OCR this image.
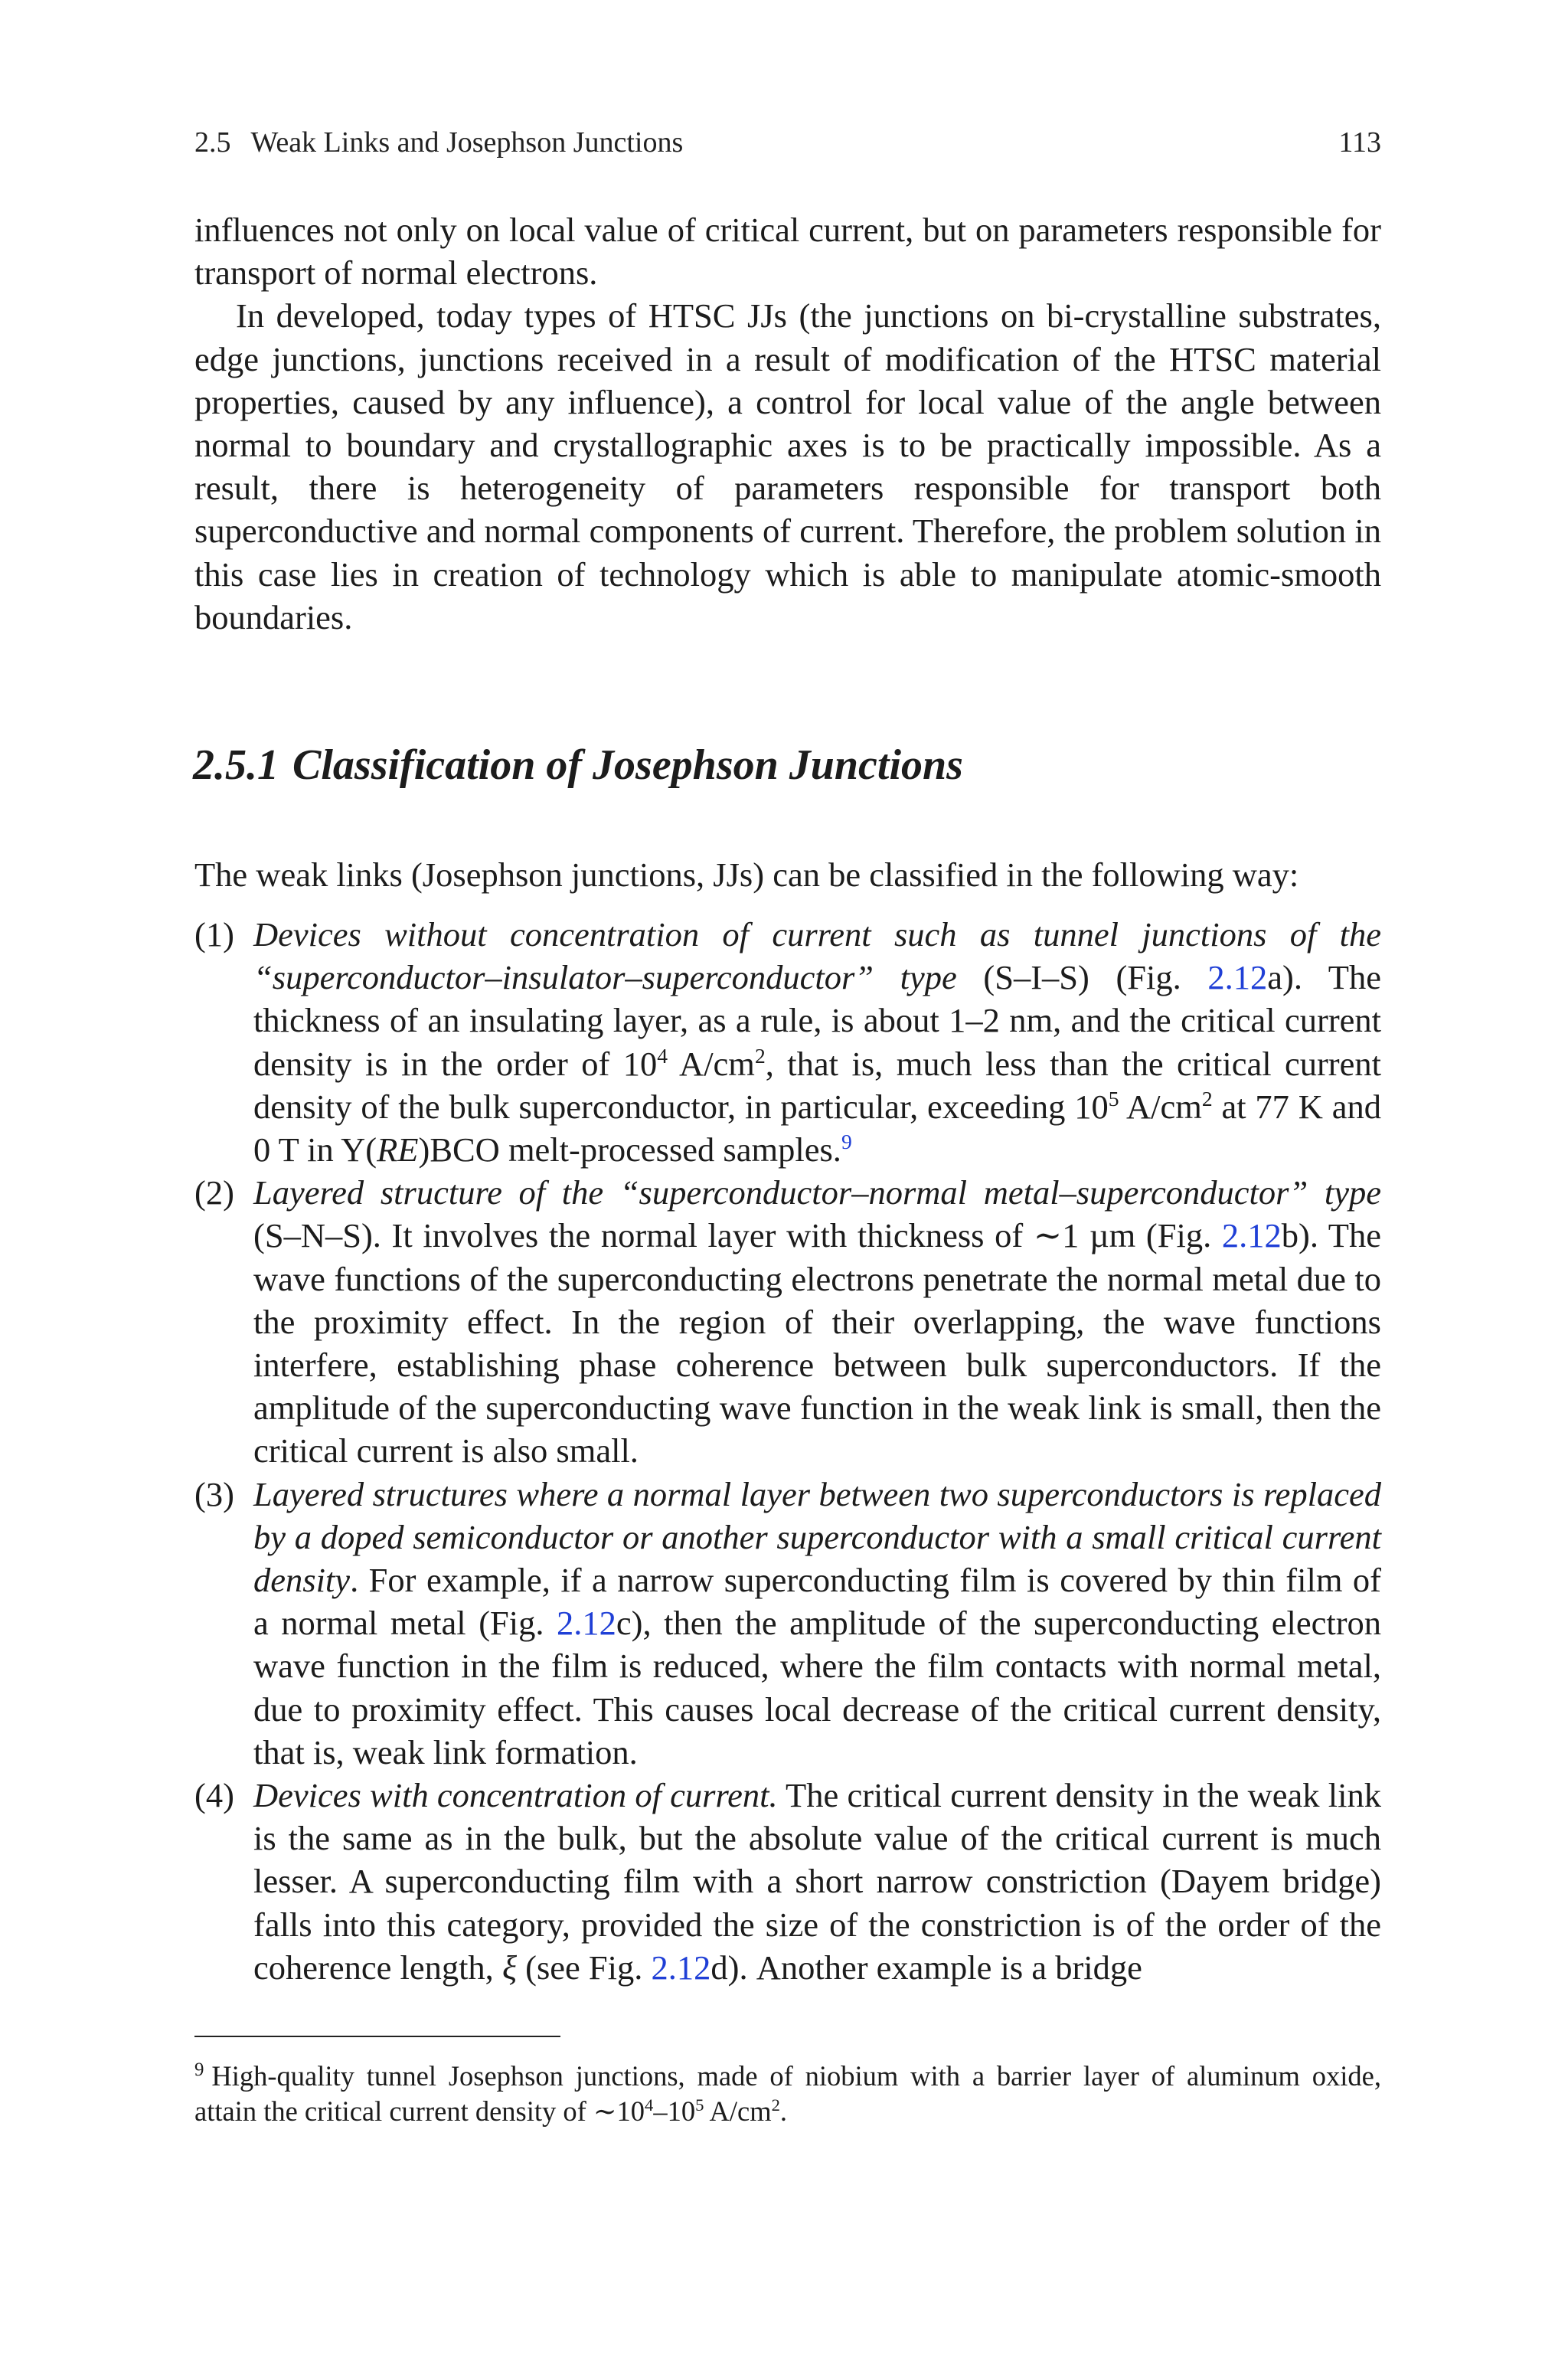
2.5 Weak Links and Josephson Junctions	113

influences not only on local value of critical current, but on parameters responsible for transport of normal electrons.

In developed, today types of HTSC JJs (the junctions on bi-crystalline substrates, edge junctions, junctions received in a result of modification of the HTSC material properties, caused by any influence), a control for local value of the angle between normal to boundary and crystallographic axes is to be practically impossible. As a result, there is heterogeneity of parameters responsible for transport both superconductive and normal components of current. Therefore, the problem solution in this case lies in creation of technology which is able to manipulate atomic-smooth boundaries.

2.5.1 Classification of Josephson Junctions

The weak links (Josephson junctions, JJs) can be classified in the following way:

(1) Devices without concentration of current such as tunnel junctions of the “superconductor–insulator–superconductor” type (S–I–S) (Fig. 2.12a). The thickness of an insulating layer, as a rule, is about 1–2 nm, and the critical current density is in the order of $10^4$ $A/cm^2$, that is, much less than the critical current density of the bulk superconductor, in particular, exceeding $10^5$ $A/cm^2$ at 77 K and 0 T in Y(RE)BCO melt-processed samples.$^9$
(2) Layered structure of the “superconductor–normal metal–superconductor” type (S–N–S). It involves the normal layer with thickness of ∼1 µm (Fig. 2.12b). The wave functions of the superconducting electrons penetrate the normal metal due to the proximity effect. In the region of their overlapping, the wave functions interfere, establishing phase coherence between bulk superconductors. If the amplitude of the superconducting wave function in the weak link is small, then the critical current is also small.
(3) Layered structures where a normal layer between two superconductors is replaced by a doped semiconductor or another superconductor with a small critical current density. For example, if a narrow superconducting film is covered by thin film of a normal metal (Fig. 2.12c), then the amplitude of the superconducting electron wave function in the film is reduced, where the film contacts with normal metal, due to proximity effect. This causes local decrease of the critical current density, that is, weak link formation.
(4) Devices with concentration of current. The critical current density in the weak link is the same as in the bulk, but the absolute value of the critical current is much lesser. A superconducting film with a short narrow constriction (Dayem bridge) falls into this category, provided the size of the constriction is of the order of the coherence length, ξ (see Fig. 2.12d). Another example is a bridge
$^9$ High-quality tunnel Josephson junctions, made of niobium with a barrier layer of aluminum oxide, attain the critical current density of $\sim 10^4-10^5$ $A/cm^2$.
